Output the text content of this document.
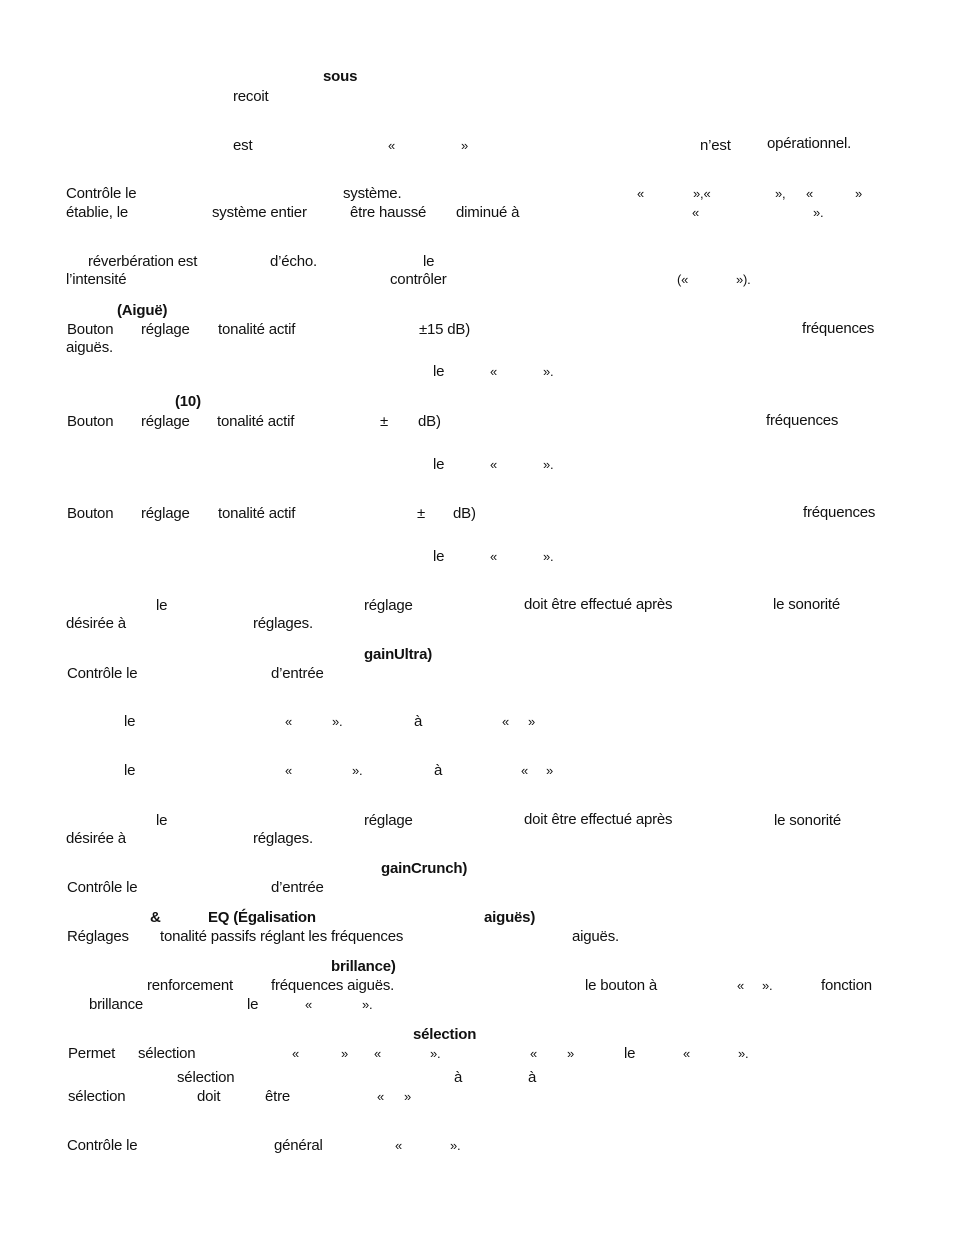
sous
recoit
est	«	»	n’est opérationnel.
Contrôle le	système.	«	»,«	», «	»
établie, le	système entier	être haussé diminué à	«	».
réverbération est	d’écho.	le
l’intensité	contrôler	(«	»).
(Aiguë)
Bouton réglage tonalité actif	±15 dB)	fréquences
aiguës.
le	«	».
(10)
Bouton réglage tonalité actif	± dB)	fréquences
le	«	».
Bouton réglage tonalité actif	± dB)	fréquences
le	«	».
le	réglage	doit être effectué après	le sonorité
désirée à	réglages.
gainUltra)
Contrôle le	d’entrée
le	«	».	à	« »
le	«	».	à	« »
le	réglage	doit être effectué après	le sonorité
désirée à	réglages.
gainCrunch)
Contrôle le	d’entrée
&	EQ (Égalisation	aiguës)
Réglages tonalité passifs réglant les fréquences	aiguës.
brillance)
renforcement	fréquences aiguës.	le bouton à	« ».	fonction
brillance	le	«	».
sélection
Permet sélection	«	» «	».	« »	le	«	».
sélection	à	à
sélection	doit	être	« »
Contrôle le	général	«	».
